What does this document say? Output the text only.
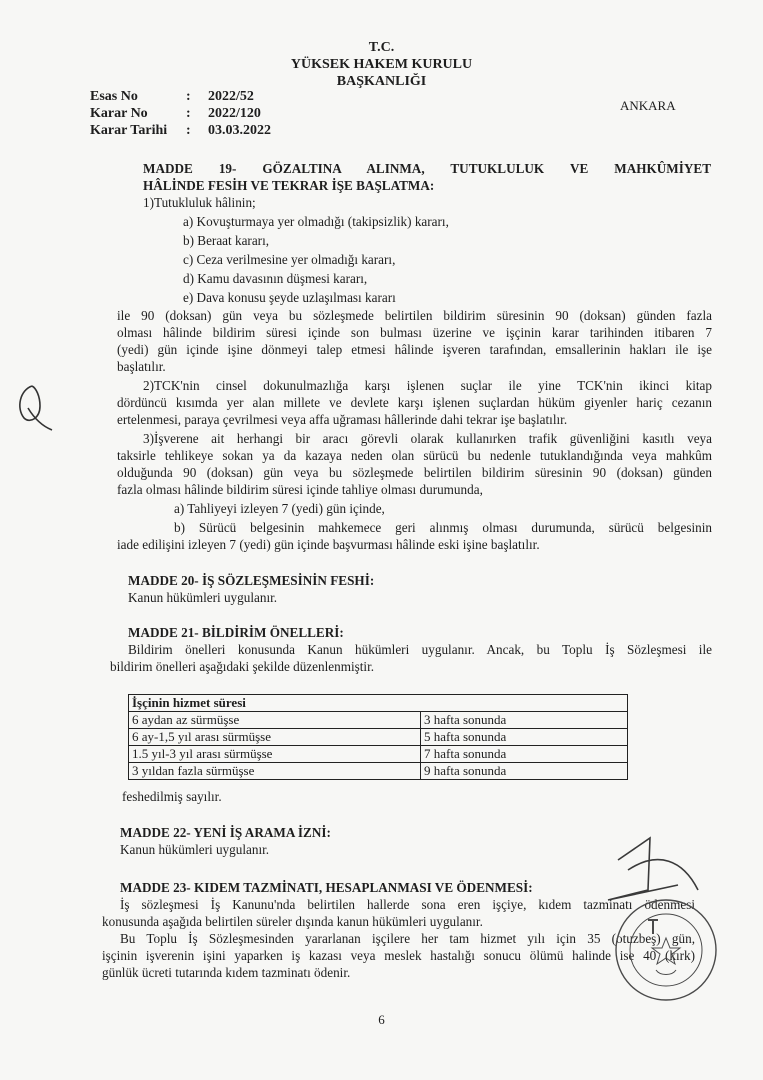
T.C.
YÜKSEK HAKEM KURULU
BAŞKANLIĞI
Esas No	:	2022/52
Karar No	:	2022/120
Karar Tarihi	:	03.03.2022
ANKARA
MADDE 19- GÖZALTINA ALINMA, TUTUKLULUK VE MAHKÛMİYET
HÂLİNDE FESİH VE TEKRAR İŞE BAŞLATMA:
1)Tutukluluk hâlinin;
a) Kovuşturmaya yer olmadığı (takipsizlik) kararı,
b) Beraat kararı,
c) Ceza verilmesine yer olmadığı kararı,
d) Kamu davasının düşmesi kararı,
e) Dava konusu şeyde uzlaşılması kararı
ile 90 (doksan) gün veya bu sözleşmede belirtilen bildirim süresinin 90 (doksan) günden fazla
olması hâlinde bildirim süresi içinde son bulması üzerine ve işçinin karar tarihinden itibaren 7
(yedi) gün içinde işine dönmeyi talep etmesi hâlinde işveren tarafından, emsallerinin hakları ile işe
başlatılır.
2)TCK'nin cinsel dokunulmazlığa karşı işlenen suçlar ile yine TCK'nin ikinci kitap
dördüncü kısımda yer alan millete ve devlete karşı işlenen suçlardan hüküm giyenler hariç cezanın
ertelenmesi, paraya çevrilmesi veya affa uğraması hâllerinde dahi tekrar işe başlatılır.
3)İşverene ait herhangi bir aracı görevli olarak kullanırken trafik güvenliğini kasıtlı veya
taksirle tehlikeye sokan ya da kazaya neden olan sürücü bu nedenle tutuklandığında veya mahkûm
olduğunda 90 (doksan) gün veya bu sözleşmede belirtilen bildirim süresinin 90 (doksan) günden
fazla olması hâlinde bildirim süresi içinde tahliye olması durumunda,
a) Tahliyeyi izleyen 7 (yedi) gün içinde,
b) Sürücü belgesinin mahkemece geri alınmış olması durumunda, sürücü belgesinin
iade edilişini izleyen 7 (yedi) gün içinde başvurması hâlinde eski işine başlatılır.
MADDE 20- İŞ SÖZLEŞMESİNİN FESHİ:
Kanun hükümleri uygulanır.
MADDE 21- BİLDİRİM ÖNELLERİ:
Bildirim önelleri konusunda Kanun hükümleri uygulanır. Ancak, bu Toplu İş Sözleşmesi ile
bildirim önelleri aşağıdaki şekilde düzenlenmiştir.
İşçinin hizmet süresi	
6 aydan az sürmüşse	3 hafta sonunda
6 ay-1,5 yıl arası sürmüşse	5 hafta sonunda
1.5 yıl-3 yıl arası sürmüşse	7 hafta sonunda
3 yıldan fazla sürmüşse	9 hafta sonunda
feshedilmiş sayılır.
MADDE 22- YENİ İŞ ARAMA İZNİ:
Kanun hükümleri uygulanır.
MADDE 23- KIDEM TAZMİNATI, HESAPLANMASI VE ÖDENMESİ:
İş sözleşmesi İş Kanunu'nda belirtilen hallerde sona eren işçiye, kıdem tazminatı ödenmesi
konusunda aşağıda belirtilen süreler dışında kanun hükümleri uygulanır.
Bu Toplu İş Sözleşmesinden yararlanan işçilere her tam hizmet yılı için 35 (otuzbeş) gün,
işçinin işverenin işini yaparken iş kazası veya meslek hastalığı sonucu ölümü halinde ise 40 (kırk)
günlük ücreti tutarında kıdem tazminatı ödenir.
6
